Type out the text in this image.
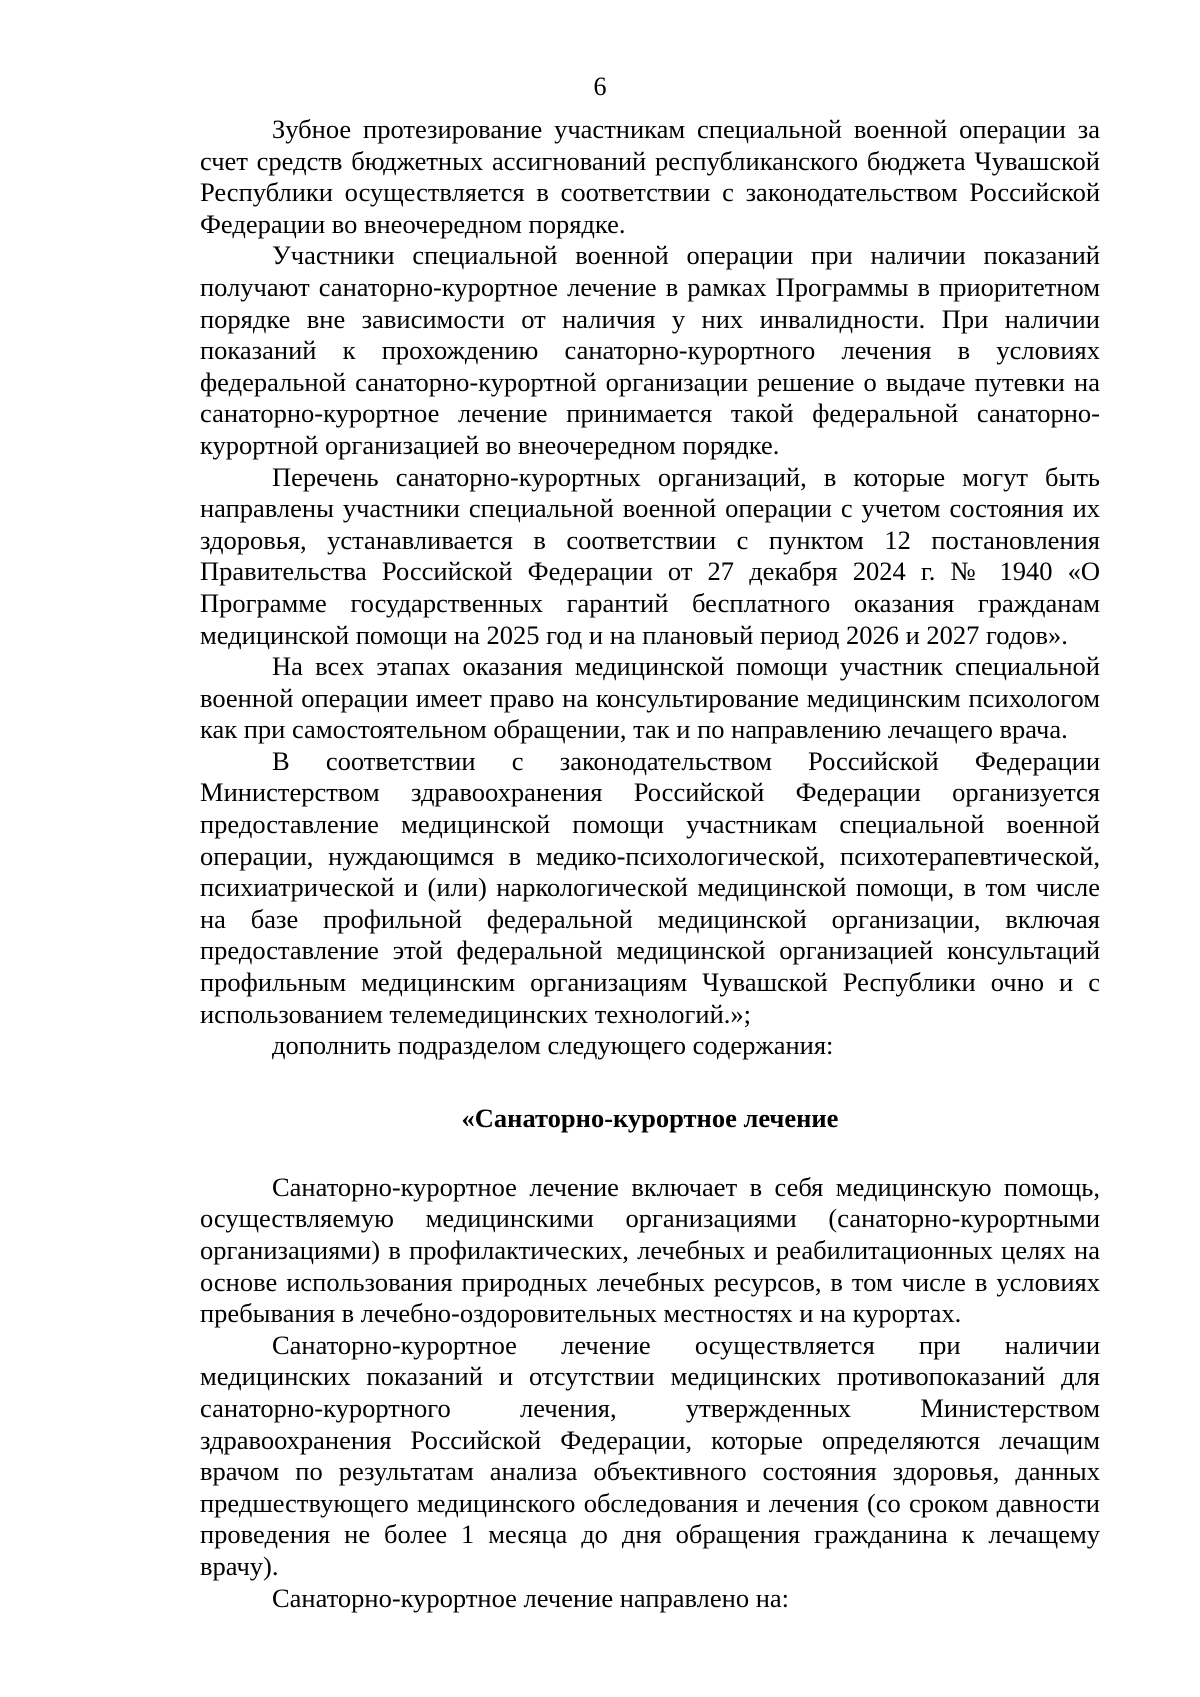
6

Зубное протезирование участникам специальной военной операции за счет средств бюджетных ассигнований республиканского бюджета Чувашской Республики осуществляется в соответствии с законодательством Российской Федерации во внеочередном порядке.

Участники специальной военной операции при наличии показаний получают санаторно-курортное лечение в рамках Программы в приоритетном порядке вне зависимости от наличия у них инвалидности. При наличии показаний к прохождению санаторно-курортного лечения в условиях федеральной санаторно-курортной организации решение о выдаче путевки на санаторно-курортное лечение принимается такой федеральной санаторно-курортной организацией во внеочередном порядке.

Перечень санаторно-курортных организаций, в которые могут быть направлены участники специальной военной операции с учетом состояния их здоровья, устанавливается в соответствии с пунктом 12 постановления Правительства Российской Федерации от 27 декабря 2024 г. № 1940 «О Программе государственных гарантий бесплатного оказания гражданам медицинской помощи на 2025 год и на плановый период 2026 и 2027 годов».

На всех этапах оказания медицинской помощи участник специальной военной операции имеет право на консультирование медицинским психологом как при самостоятельном обращении, так и по направлению лечащего врача.

В соответствии с законодательством Российской Федерации Министерством здравоохранения Российской Федерации организуется предоставление медицинской помощи участникам специальной военной операции, нуждающимся в медико-психологической, психотерапевтической, психиатрической и (или) наркологической медицинской помощи, в том числе на базе профильной федеральной медицинской организации, включая предоставление этой федеральной медицинской организацией консультаций профильным медицинским организациям Чувашской Республики очно и с использованием телемедицинских технологий.»;

дополнить подразделом следующего содержания:

«Санаторно-курортное лечение

Санаторно-курортное лечение включает в себя медицинскую помощь, осуществляемую медицинскими организациями (санаторно-курортными организациями) в профилактических, лечебных и реабилитационных целях на основе использования природных лечебных ресурсов, в том числе в условиях пребывания в лечебно-оздоровительных местностях и на курортах.

Санаторно-курортное лечение осуществляется при наличии медицинских показаний и отсутствии медицинских противопоказаний для санаторно-курортного лечения, утвержденных Министерством здравоохранения Российской Федерации, которые определяются лечащим врачом по результатам анализа объективного состояния здоровья, данных предшествующего медицинского обследования и лечения (со сроком давности проведения не более 1 месяца до дня обращения гражданина к лечащему врачу).

Санаторно-курортное лечение направлено на:
